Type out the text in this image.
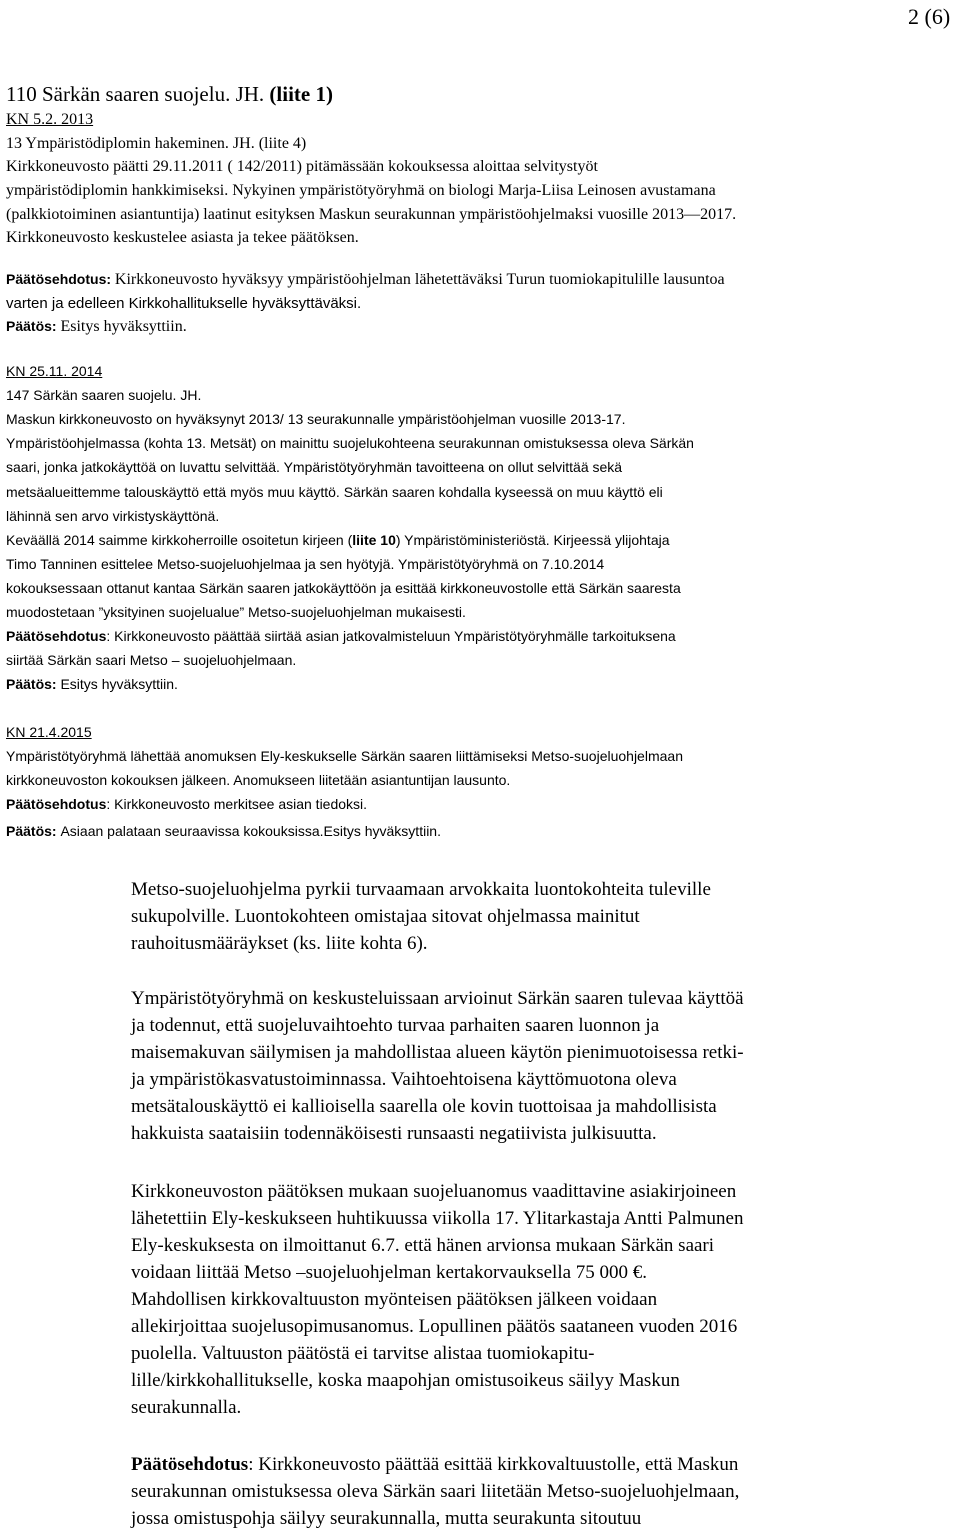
2 (6)
110 Särkän saaren suojelu. JH. (liite 1)
KN 5.2. 2013
13 Ympäristödiplomin hakeminen. JH. (liite 4)
Kirkkoneuvosto päätti 29.11.2011 ( 142/2011) pitämässään kokouksessa aloittaa selvitystyöt
ympäristödiplomin hankkimiseksi. Nykyinen ympäristötyöryhmä on biologi Marja-Liisa Leinosen avustamana
(palkkiotoiminen asiantuntija) laatinut esityksen Maskun seurakunnan ympäristöohjelmaksi vuosille 2013—2017.
Kirkkoneuvosto keskustelee asiasta ja tekee päätöksen.
Päätösehdotus: Kirkkoneuvosto hyväksyy ympäristöohjelman lähetettäväksi Turun tuomiokapitulille lausuntoa
varten ja edelleen Kirkkohallitukselle hyväksyttäväksi.
Päätös: Esitys hyväksyttiin.
KN 25.11. 2014
147 Särkän saaren suojelu. JH.
Maskun kirkkoneuvosto on hyväksynyt 2013/ 13 seurakunnalle ympäristöohjelman vuosille 2013-17.
Ympäristöohjelmassa (kohta 13. Metsät) on mainittu suojelukohteena seurakunnan omistuksessa oleva Särkän
saari, jonka jatkokäyttöä on luvattu selvittää. Ympäristötyöryhmän tavoitteena on ollut selvittää sekä
metsäalueittemme talouskäyttö että myös muu käyttö. Särkän saaren kohdalla kyseessä on muu käyttö eli
lähinnä sen arvo virkistyskäyttönä.
Keväällä 2014 saimme kirkkoherroille osoitetun kirjeen (liite 10) Ympäristöministeriöstä. Kirjeessä ylijohtaja
Timo Tanninen esittelee Metso-suojeluohjelmaa ja sen hyötyjä. Ympäristötyöryhmä on 7.10.2014
kokouksessaan ottanut kantaa Särkän saaren jatkokäyttöön ja esittää kirkkoneuvostolle että Särkän saaresta
muodostetaan ”yksityinen suojelualue” Metso-suojeluohjelman mukaisesti.
Päätösehdotus: Kirkkoneuvosto päättää siirtää asian jatkovalmisteluun Ympäristötyöryhmälle tarkoituksena
siirtää Särkän saari Metso – suojeluohjelmaan.
Päätös: Esitys hyväksyttiin.
KN 21.4.2015
Ympäristötyöryhmä lähettää anomuksen Ely-keskukselle Särkän saaren liittämiseksi Metso-suojeluohjelmaan
kirkkoneuvoston kokouksen jälkeen. Anomukseen liitetään asiantuntijan lausunto.
Päätösehdotus: Kirkkoneuvosto merkitsee asian tiedoksi.
Päätös: Asiaan palataan seuraavissa kokouksissa.Esitys hyväksyttiin.
Metso-suojeluohjelma pyrkii turvaamaan arvokkaita luontokohteita tuleville
sukupolville. Luontokohteen omistajaa sitovat ohjelmassa mainitut
rauhoitusmääräykset (ks. liite kohta 6).
Ympäristötyöryhmä on keskusteluissaan arvioinut Särkän saaren tulevaa käyttöä
ja todennut, että suojeluvaihtoehto turvaa parhaiten saaren luonnon ja
maisemakuvan säilymisen ja mahdollistaa alueen käytön pienimuotoisessa retki-
ja ympäristökasvatustoiminnassa. Vaihtoehtoisena käyttömuotona oleva
metsätalouskäyttö ei kallioisella saarella ole kovin tuottoisaa ja mahdollisista
hakkuista saataisiin todennäköisesti runsaasti negatiivista julkisuutta.
Kirkkoneuvoston päätöksen mukaan suojeluanomus vaadittavine asiakirjoineen
lähetettiin Ely-keskukseen huhtikuussa viikolla 17. Ylitarkastaja Antti Palmunen
Ely-keskuksesta on ilmoittanut 6.7. että hänen arvionsa mukaan Särkän saari
voidaan liittää Metso –suojeluohjelman kertakorvauksella 75 000 €.
Mahdollisen kirkkovaltuuston myönteisen päätöksen jälkeen voidaan
allekirjoittaa suojelusopimusanomus. Lopullinen päätös saataneen vuoden 2016
puolella. Valtuuston päätöstä ei tarvitse alistaa tuomiokapitu-
lille/kirkkohallitukselle, koska maapohjan omistusoikeus säilyy Maskun
seurakunnalla.
Päätösehdotus: Kirkkoneuvosto päättää esittää kirkkovaltuustolle, että Maskun
seurakunnan omistuksessa oleva Särkän saari liitetään Metso-suojeluohjelmaan,
jossa omistuspohja säilyy seurakunnalla, mutta seurakunta sitoutuu
